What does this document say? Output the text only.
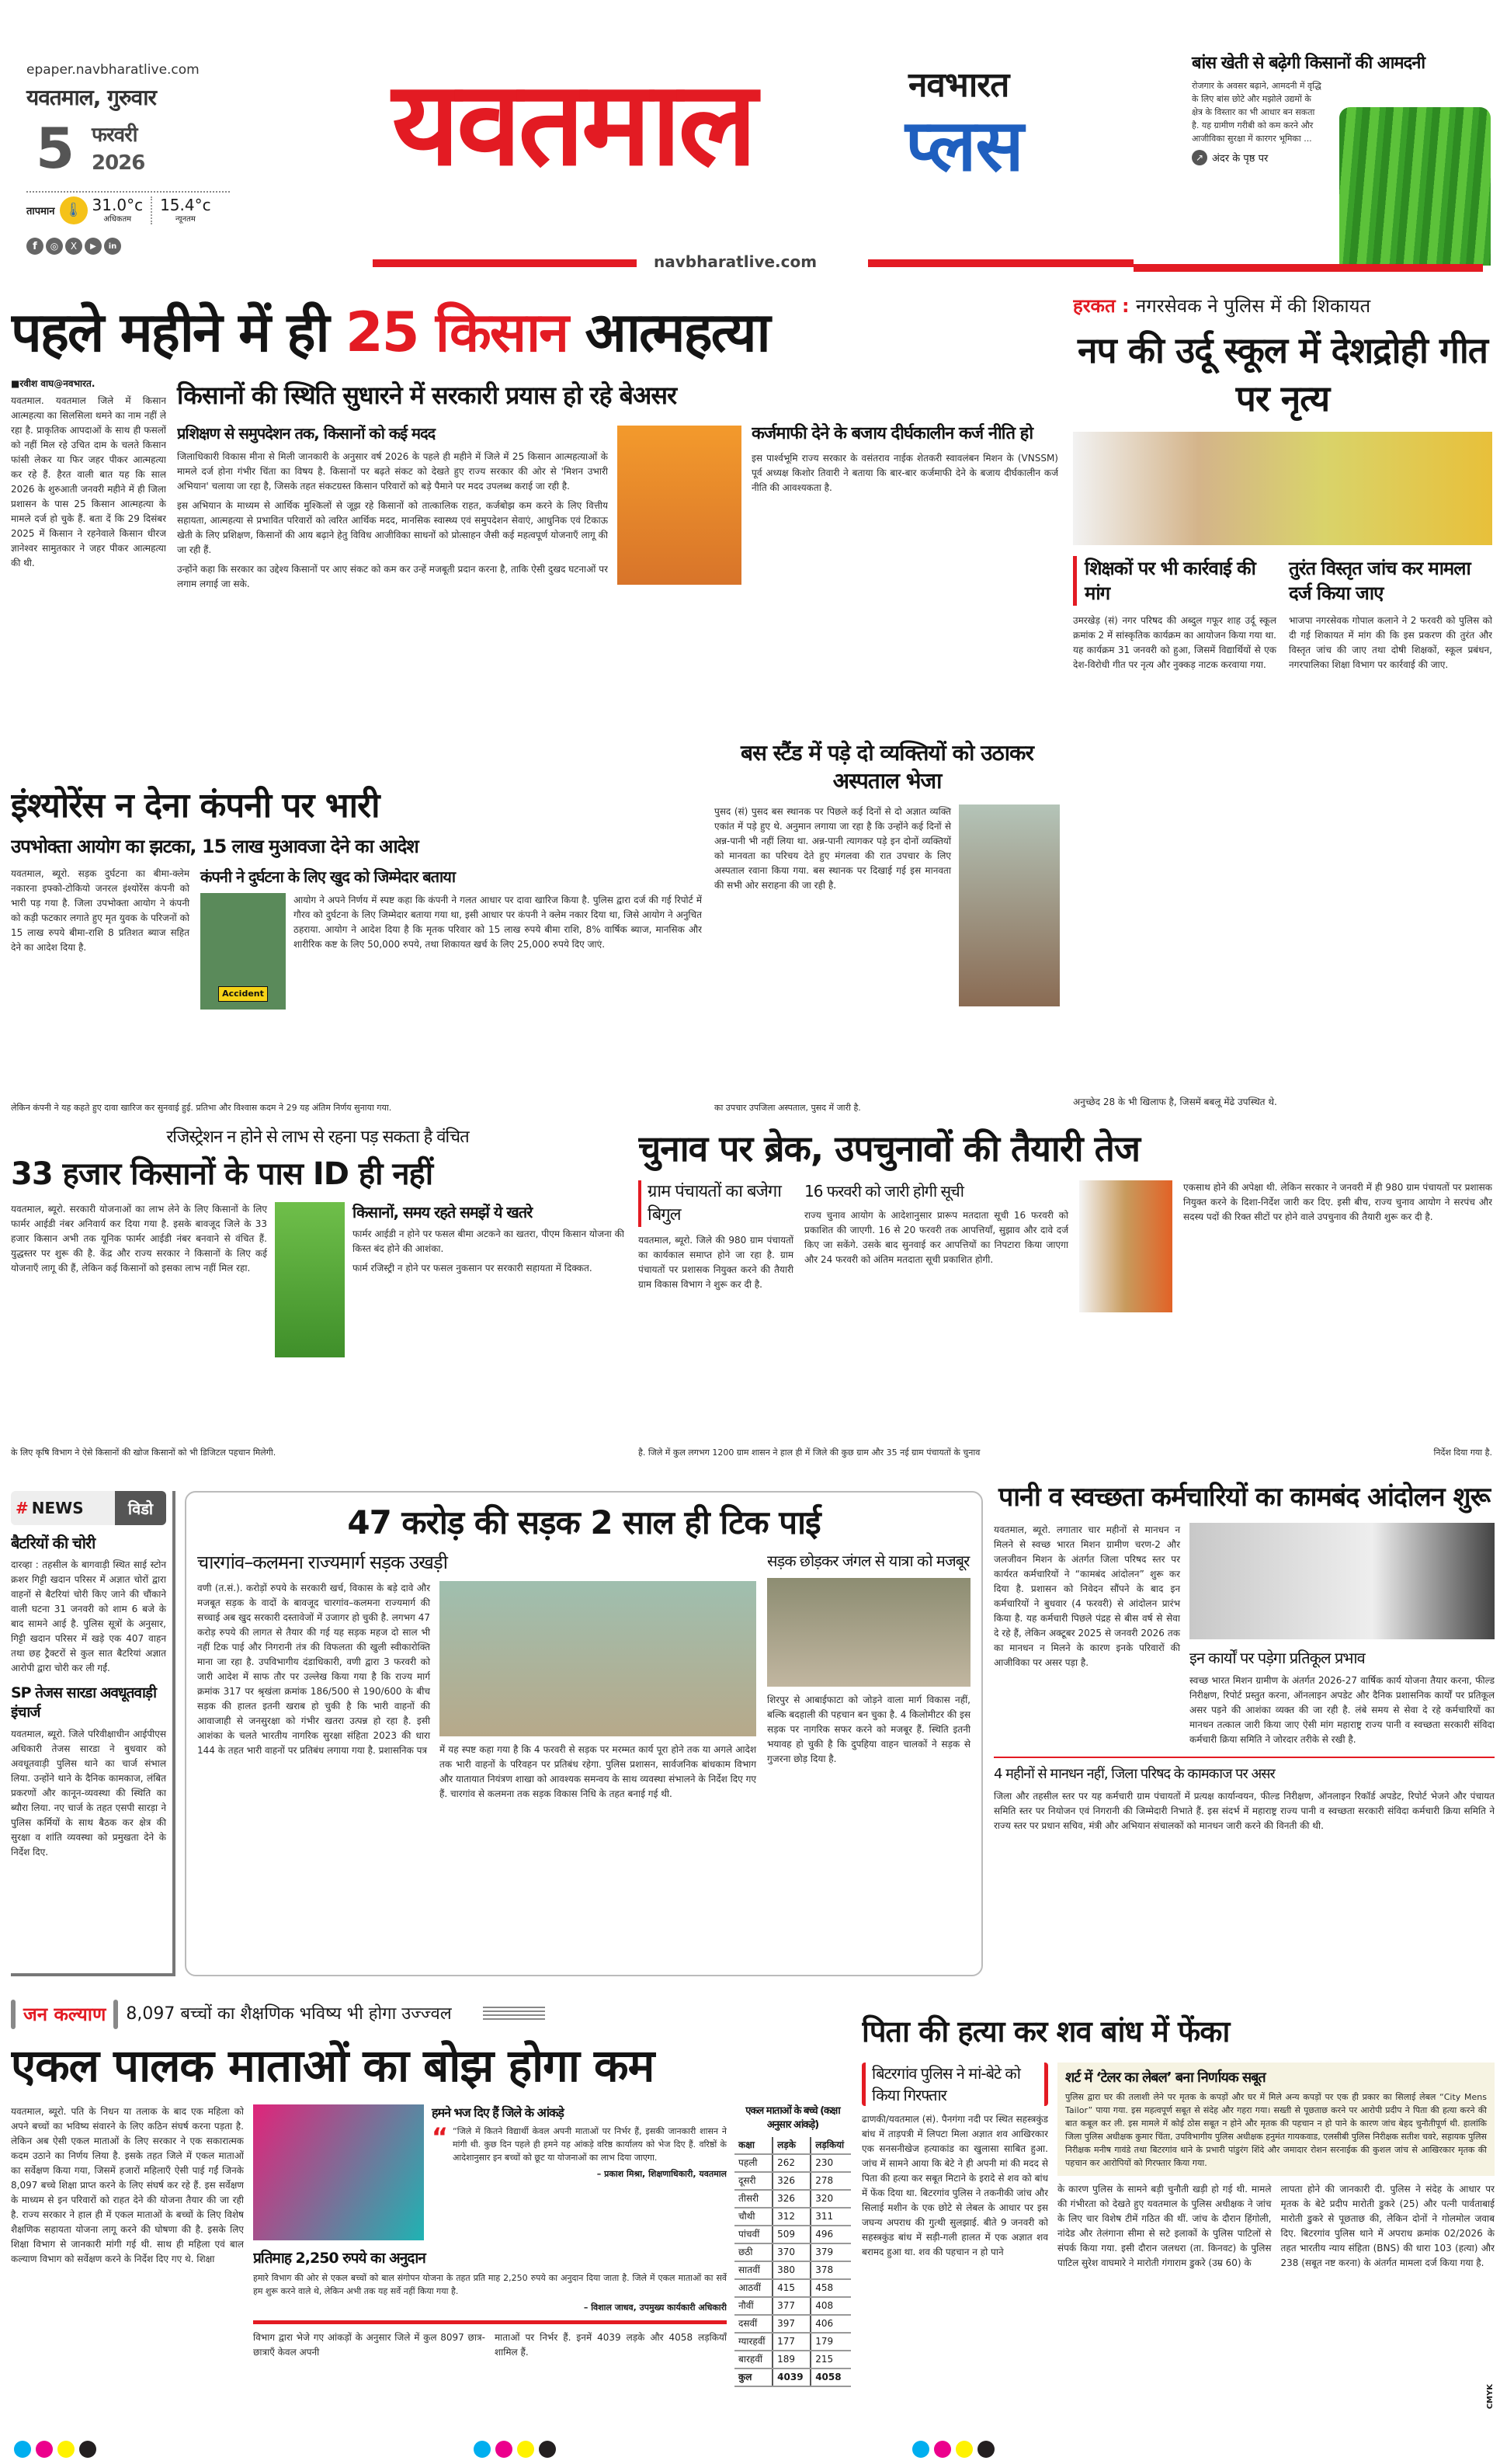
epaper.navbharatlive.com
यवतमाल, गुरुवार
5 फरवरी
2026
तापमान 🌡 31.0°c
अधिकतम
15.4°c
न्यूनतम
f	◎	X	▶	in
यवतमाल	नवभारत
प्लस
navbharatlive.com
बांस खेती से बढ़ेगी किसानों की आमदनी
रोजगार के अवसर बढ़ाने, आमदनी में वृद्धि के लिए बांस छोटे और मझोले उद्यमों के क्षेत्र के विस्तार का भी आधार बन सकता है. यह ग्रामीण गरीबी को कम करने और आजीविका सुरक्षा में कारगर भूमिका ...
↗ अंदर के पृष्ठ पर
पहले महीने में ही 25 किसान आत्महत्या
■रवीश वाघ@नवभारत.
यवतमाल. यवतमाल जिले में किसान आत्महत्या का सिलसिला थमने का नाम नहीं ले रहा है. प्राकृतिक आपदाओं के साथ ही फसलों को नहीं मिल रहे उचित दाम के चलते किसान फांसी लेकर या फिर जहर पीकर आत्महत्या कर रहे हैं. हैरत वाली बात यह कि साल 2026 के शुरुआती जनवरी महीने में ही जिला प्रशासन के पास 25 किसान आत्महत्या के मामले दर्ज हो चुके हैं. बता दें कि 29 दिसंबर 2025 में किसान ने रहनेवाले किसान धीरज ज्ञानेश्वर सामुतकार ने जहर पीकर आत्महत्या की थी.
किसानों की स्थिति सुधारने में सरकारी प्रयास हो रहे बेअसर
प्रशिक्षण से समुपदेशन तक, किसानों को कई मदद
जिलाधिकारी विकास मीना से मिली जानकारी के अनुसार वर्ष 2026 के पहले ही महीने में जिले में 25 किसान आत्महत्याओं के मामले दर्ज होना गंभीर चिंता का विषय है. किसानों पर बढ़ते संकट को देखते हुए राज्य सरकार की ओर से 'मिशन उभारी अभियान' चलाया जा रहा है, जिसके तहत संकटग्रस्त किसान परिवारों को बड़े पैमाने पर मदद उपलब्ध कराई जा रही है.
इस अभियान के माध्यम से आर्थिक मुश्किलों से जूझ रहे किसानों को तात्कालिक राहत, कर्जबोझ कम करने के लिए वित्तीय सहायता, आत्महत्या से प्रभावित परिवारों को त्वरित आर्थिक मदद, मानसिक स्वास्थ्य एवं समुपदेशन सेवाएं, आधुनिक एवं टिकाऊ खेती के लिए प्रशिक्षण, किसानों की आय बढ़ाने हेतु विविध आजीविका साधनों को प्रोत्साहन जैसी कई महत्वपूर्ण योजनाएँ लागू की जा रही हैं.
उन्होंने कहा कि सरकार का उद्देश्य किसानों पर आए संकट को कम कर उन्हें मजबूती प्रदान करना है, ताकि ऐसी दुखद घटनाओं पर लगाम लगाई जा सके.
कर्जमाफी देने के बजाय दीर्घकालीन कर्ज नीति हो
इस पार्श्वभूमि राज्य सरकार के वसंतराव नाईक शेतकरी स्वावलंबन मिशन के (VNSSM) पूर्व अध्यक्ष किशोर तिवारी ने बताया कि बार-बार कर्जमाफी देने के बजाय दीर्घकालीन कर्ज नीति की आवश्यकता है.
हरकत : नगरसेवक ने पुलिस में की शिकायत
नप की उर्दू स्कूल में देशद्रोही गीत पर नृत्य
शिक्षकों पर भी कार्रवाई की मांग
उमरखेड़ (सं) नगर परिषद की अब्दुल गफूर शाह उर्दू स्कूल क्रमांक 2 में सांस्कृतिक कार्यक्रम का आयोजन किया गया था. यह कार्यक्रम 31 जनवरी को हुआ, जिसमें विद्यार्थियों से एक देश-विरोधी गीत पर नृत्य और नुक्कड़ नाटक करवाया गया.
तुरंत विस्तृत जांच कर मामला दर्ज किया जाए
भाजपा नगरसेवक गोपाल कलाने ने 2 फरवरी को पुलिस को दी गई शिकायत में मांग की कि इस प्रकरण की तुरंत और विस्तृत जांच की जाए तथा दोषी शिक्षकों, स्कूल प्रबंधन, नगरपालिका शिक्षा विभाग पर कार्रवाई की जाए.
अनुच्छेद 28 के भी खिलाफ है, जिसमें बबलू मेंढे उपस्थित थे.
इंश्योरेंस न देना कंपनी पर भारी
उपभोक्ता आयोग का झटका, 15 लाख मुआवजा देने का आदेश
यवतमाल, ब्यूरो. सड़क दुर्घटना का बीमा-क्लेम नकारना इफ्को-टोकियो जनरल इंश्योरेंस कंपनी को भारी पड़ गया है. जिला उपभोक्ता आयोग ने कंपनी को कड़ी फटकार लगाते हुए मृत युवक के परिजनों को 15 लाख रुपये बीमा-राशि 8 प्रतिशत ब्याज सहित देने का आदेश दिया है.
कंपनी ने दुर्घटना के लिए खुद को जिम्मेदार बताया
Accident
आयोग ने अपने निर्णय में स्पष्ट कहा कि कंपनी ने गलत आधार पर दावा खारिज किया है. पुलिस द्वारा दर्ज की गई रिपोर्ट में गौरव को दुर्घटना के लिए जिम्मेदार बताया गया था, इसी आधार पर कंपनी ने क्लेम नकार दिया था, जिसे आयोग ने अनुचित ठहराया. आयोग ने आदेश दिया है कि मृतक परिवार को 15 लाख रुपये बीमा राशि, 8% वार्षिक ब्याज, मानसिक और शारीरिक कष्ट के लिए 50,000 रुपये, तथा शिकायत खर्च के लिए 25,000 रुपये दिए जाएं.
लेकिन कंपनी ने यह कहते हुए दावा खारिज कर सुनवाई हुई. प्रतिभा और विश्वास कदम ने 29 यह अंतिम निर्णय सुनाया गया.
बस स्टैंड में पड़े दो व्यक्तियों को उठाकर अस्पताल भेजा
पुसद (सं) पुसद बस स्थानक पर पिछले कई दिनों से दो अज्ञात व्यक्ति एकांत में पड़े हुए थे. अनुमान लगाया जा रहा है कि उन्होंने कई दिनों से अन्न-पानी भी नहीं लिया था. अन्न-पानी त्यागकर पड़े इन दोनों व्यक्तियों को मानवता का परिचय देते हुए मंगलवा की रात उपचार के लिए अस्पताल रवाना किया गया. बस स्थानक पर दिखाई गई इस मानवता की सभी ओर सराहना की जा रही है.
का उपचार उपजिला अस्पताल, पुसद में जारी है.
रजिस्ट्रेशन न होने से लाभ से रहना पड़ सकता है वंचित
33 हजार किसानों के पास ID ही नहीं
यवतमाल, ब्यूरो. सरकारी योजनाओं का लाभ लेने के लिए किसानों के लिए फार्मर आईडी नंबर अनिवार्य कर दिया गया है. इसके बावजूद जिले के 33 हजार किसान अभी तक यूनिक फार्मर आईडी नंबर बनवाने से वंचित हैं. युद्धस्तर पर शुरू की है. केंद्र और राज्य सरकार ने किसानों के लिए कई योजनाएँ लागू की हैं, लेकिन कई किसानों को इसका लाभ नहीं मिल रहा.
किसानों, समय रहते समझें ये खतरे
फार्मर आईडी न होने पर फसल बीमा अटकने का खतरा, पीएम किसान योजना की किस्त बंद होने की आशंका.
फार्म रजिस्ट्री न होने पर फसल नुकसान पर सरकारी सहायता में दिक्कत.
के लिए कृषि विभाग ने ऐसे किसानों की खोज किसानों को भी डिजिटल पहचान मिलेगी.
चुनाव पर ब्रेक, उपचुनावों की तैयारी तेज
ग्राम पंचायतों का बजेगा बिगुल
यवतमाल, ब्यूरो. जिले की 980 ग्राम पंचायतों का कार्यकाल समाप्त होने जा रहा है. ग्राम पंचायतों पर प्रशासक नियुक्त करने की तैयारी ग्राम विकास विभाग ने शुरू कर दी है.
16 फरवरी को जारी होगी सूची
राज्य चुनाव आयोग के आदेशानुसार प्रारूप मतदाता सूची 16 फरवरी को प्रकाशित की जाएगी. 16 से 20 फरवरी तक आपत्तियाँ, सुझाव और दावे दर्ज किए जा सकेंगे. उसके बाद सुनवाई कर आपत्तियों का निपटारा किया जाएगा और 24 फरवरी को अंतिम मतदाता सूची प्रकाशित होगी.
एकसाथ होने की अपेक्षा थी. लेकिन सरकार ने जनवरी में ही 980 ग्राम पंचायतों पर प्रशासक नियुक्त करने के दिशा-निर्देश जारी कर दिए. इसी बीच, राज्य चुनाव आयोग ने सरपंच और सदस्य पदों की रिक्त सीटों पर होने वाले उपचुनाव की तैयारी शुरू कर दी है.
है. जिले में कुल लगभग 1200 ग्राम शासन ने हाल ही में जिले की कुछ ग्राम और 35 नई ग्राम पंचायतों के चुनाव	निर्देश दिया गया है.
# NEWS	विडो
बैटरियों की चोरी
दारव्हा : तहसील के बागवाड़ी स्थित साई स्टोन क्रशर गिट्टी खदान परिसर में अज्ञात चोरों द्वारा वाहनों से बैटरियां चोरी किए जाने की चौंकाने वाली घटना 31 जनवरी को शाम 6 बजे के बाद सामने आई है. पुलिस सूत्रों के अनुसार, गिट्टी खदान परिसर में खड़े एक 407 वाहन तथा छह ट्रैक्टरों से कुल सात बैटरियां अज्ञात आरोपी द्वारा चोरी कर ली गईं.
SP तेजस सारडा अवधूतवाड़ी इंचार्ज
यवतमाल, ब्यूरो. जिले परिवीक्षाधीन आईपीएस अधिकारी तेजस सारडा ने बुधवार को अवधूतवाड़ी पुलिस थाने का चार्ज संभाल लिया. उन्होंने थाने के दैनिक कामकाज, लंबित प्रकरणों और कानून-व्यवस्था की स्थिति का ब्यौरा लिया. नए चार्ज के तहत एसपी सारड़ा ने पुलिस कर्मियों के साथ बैठक कर क्षेत्र की सुरक्षा व शांति व्यवस्था को प्रमुखता देने के निर्देश दिए.
47 करोड़ की सड़क 2 साल ही टिक पाई
चारगांव–कलमना राज्यमार्ग सड़क उखड़ी
वणी (त.सं.). करोड़ों रुपये के सरकारी खर्च, विकास के बड़े दावे और मजबूत सड़क के वादों के बावजूद चारगांव–कलमना राज्यमार्ग की सच्चाई अब खुद सरकारी दस्तावेजों में उजागर हो चुकी है. लगभग 47 करोड़ रुपये की लागत से तैयार की गई यह सड़क महज दो साल भी नहीं टिक पाई और निगरानी तंत्र की विफलता की खुली स्वीकारोक्ति माना जा रहा है. उपविभागीय दंडाधिकारी, वणी द्वारा 3 फरवरी को जारी आदेश में साफ तौर पर उल्लेख किया गया है कि राज्य मार्ग क्रमांक 317 पर श्रृखंला क्रमांक 186/500 से 190/600 के बीच सड़क की हालत इतनी खराब हो चुकी है कि भारी वाहनों की आवाजाही से जनसुरक्षा को गंभीर खतरा उत्पन्न हो रहा है. इसी आशंका के चलते भारतीय नागरिक सुरक्षा संहिता 2023 की धारा 144 के तहत भारी वाहनों पर प्रतिबंध लगाया गया है. प्रशासनिक पत्र	में यह स्पष्ट कहा गया है कि 4 फरवरी से सड़क पर मरम्मत कार्य पूरा होने तक या अगले आदेश तक भारी वाहनों के परिवहन पर प्रतिबंध रहेगा. पुलिस प्रशासन, सार्वजनिक बांधकाम विभाग और यातायात नियंत्रण शाखा को आवश्यक समन्वय के साथ व्यवस्था संभालने के निर्देश दिए गए हैं. चारगांव से कलमना तक सड़क विकास निधि के तहत बनाई गई थी.
सड़क छोड़कर जंगल से यात्रा को मजबूर
शिरपुर से आबाईफाटा को जोड़ने वाला मार्ग विकास नहीं, बल्कि बदहाली की पहचान बन चुका है. 4 किलोमीटर की इस सड़क पर नागरिक सफर करने को मजबूर हैं. स्थिति इतनी भयावह हो चुकी है कि दुपहिया वाहन चालकों ने सड़क से गुजरना छोड़ दिया है.
पानी व स्वच्छता कर्मचारियों का कामबंद आंदोलन शुरू
यवतमाल, ब्यूरो. लगातार चार महीनों से मानधन न मिलने से स्वच्छ भारत मिशन ग्रामीण चरण-2 और जलजीवन मिशन के अंतर्गत जिला परिषद स्तर पर कार्यरत कर्मचारियों ने “कामबंद आंदोलन” शुरू कर दिया है. प्रशासन को निवेदन सौंपने के बाद इन कर्मचारियों ने बुधवार (4 फरवरी) से आंदोलन प्रारंभ किया है. यह कर्मचारी पिछले पंद्रह से बीस वर्ष से सेवा दे रहे हैं, लेकिन अक्टूबर 2025 से जनवरी 2026 तक का मानधन न मिलने के कारण इनके परिवारों की आजीविका पर असर पड़ा है.	इन कार्यों पर पड़ेगा प्रतिकूल प्रभाव
स्वच्छ भारत मिशन ग्रामीण के अंतर्गत 2026-27 वार्षिक कार्य योजना तैयार करना, फील्ड निरीक्षण, रिपोर्ट प्रस्तुत करना, ऑनलाइन अपडेट और दैनिक प्रशासनिक कार्यों पर प्रतिकूल असर पड़ने की आशंका व्यक्त की जा रही है. लंबे समय से सेवा दे रहे कर्मचारियों का मानधन तत्काल जारी किया जाए ऐसी मांग महाराष्ट्र राज्य पानी व स्वच्छता सरकारी संविदा कर्मचारी क्रिया समिति ने जोरदार तरीके से रखी है.
4 महीनों से मानधन नहीं, जिला परिषद के कामकाज पर असर
जिला और तहसील स्तर पर यह कर्मचारी ग्राम पंचायतों में प्रत्यक्ष कार्यान्वयन, फील्ड निरीक्षण, ऑनलाइन रिकॉर्ड अपडेट, रिपोर्ट भेजने और पंचायत समिति स्तर पर नियोजन एवं निगरानी की जिम्मेदारी निभाते हैं. इस संदर्भ में महाराष्ट्र राज्य पानी व स्वच्छता सरकारी संविदा कर्मचारी क्रिया समिति ने राज्य स्तर पर प्रधान सचिव, मंत्री और अभियान संचालकों को मानधन जारी करने की विनती की थी.
जन कल्याण 8,097 बच्चों का शैक्षणिक भविष्य भी होगा उज्ज्वल
एकल पालक माताओं का बोझ होगा कम
यवतमाल, ब्यूरो. पति के निधन या तलाक के बाद एक महिला को अपने बच्चों का भविष्य संवारने के लिए कठिन संघर्ष करना पड़ता है. लेकिन अब ऐसी एकल माताओं के लिए सरकार ने एक सकारात्मक कदम उठाने का निर्णय लिया है. इसके तहत जिले में एकल माताओं का सर्वेक्षण किया गया, जिसमें हजारों महिलाएँ ऐसी पाई गईं जिनके 8,097 बच्चे शिक्षा प्राप्त करने के लिए संघर्ष कर रहे हैं. इस सर्वेक्षण के माध्यम से इन परिवारों को राहत देने की योजना तैयार की जा रही है. राज्य सरकार ने हाल ही में एकल माताओं के बच्चों के लिए विशेष शैक्षणिक सहायता योजना लागू करने की घोषणा की है. इसके लिए शिक्षा विभाग से जानकारी मांगी गई थी. साथ ही महिला एवं बाल कल्याण विभाग को सर्वेक्षण करने के निर्देश दिए गए थे. शिक्षा
हमने भज दिए हैं जिले के आंकड़े
“ “जिले में कितने विद्यार्थी केवल अपनी माताओं पर निर्भर हैं, इसकी जानकारी शासन ने मांगी थी. कुछ दिन पहले ही हमने यह आंकड़े वरिष्ठ कार्यालय को भेज दिए हैं. वरिष्ठों के आदेशानुसार इन बच्चों को छूट या योजनाओं का लाभ दिया जाएगा.
– प्रकाश मिश्रा, शिक्षणाधिकारी, यवतमाल
प्रतिमाह 2,250 रुपये का अनुदान
हमारे विभाग की ओर से एकल बच्चों को बाल संगोपन योजना के तहत प्रति माह 2,250 रुपये का अनुदान दिया जाता है. जिले में एकल माताओं का सर्वे हम शुरू करने वाले थे, लेकिन अभी तक यह सर्वे नहीं किया गया है.
– विशाल जाधव, उपमुख्य कार्यकारी अधिकारी
विभाग द्वारा भेजे गए आंकड़ों के अनुसार जिले में कुल 8097 छात्र-छात्राएँ केवल अपनी
माताओं पर निर्भर हैं. इनमें 4039 लड़के और 4058 लड़कियाँ शामिल हैं.
एकल माताओं के बच्चे (कक्षा अनुसार आंकड़े)
कक्षा	लड़के	लड़कियां
पहली	262	230
दूसरी	326	278
तीसरी	326	320
चौथी	312	311
पांचवीं	509	496
छठी	370	379
सातवीं	380	378
आठवीं	415	458
नौवीं	377	408
दसवीं	397	406
ग्यारहवीं	177	179
बारहवीं	189	215
कुल	4039	4058
पिता की हत्या कर शव बांध में फेंका
बिटरगांव पुलिस ने मां-बेटे को किया गिरफ्तार
ढाणकी/यवतमाल (सं). पैनगंगा नदी पर स्थित सहस्त्रकुंड बांध में ताड़पत्री में लिपटा मिला अज्ञात शव आखिरकार एक सनसनीखेज हत्याकांड का खुलासा साबित हुआ. जांच में सामने आया कि बेटे ने ही अपनी मां की मदद से पिता की हत्या कर सबूत मिटाने के इरादे से शव को बांध में फेंक दिया था. बिटरगांव पुलिस ने तकनीकी जांच और सिलाई मशीन के एक छोटे से लेबल के आधार पर इस जघन्य अपराध की गुत्थी सुलझाई. बीते 9 जनवरी को सहस्त्रकुंड बांध में सड़ी-गली हालत में एक अज्ञात शव बरामद हुआ था. शव की पहचान न हो पाने
शर्ट में ‘टेलर का लेबल’ बना निर्णायक सबूत
पुलिस द्वारा घर की तलाशी लेने पर मृतक के कपड़ों और घर में मिले अन्य कपड़ों पर एक ही प्रकार का सिलाई लेबल “City Mens Tailor” पाया गया. इस महत्वपूर्ण सबूत से संदेह और गहरा गया। सख्ती से पूछताछ करने पर आरोपी प्रदीप ने पिता की हत्या करने की बात कबूल कर ली. इस मामले में कोई ठोस सबूत न होने और मृतक की पहचान न हो पाने के कारण जांच बेहद चुनौतीपूर्ण थी. हालांकि जिला पुलिस अधीक्षक कुमार चिंता, उपविभागीय पुलिस अधीक्षक हनुमंत गायकवाड, एलसीबी पुलिस निरीक्षक सतीश चवरे, सहायक पुलिस निरीक्षक मनीष गावंडे तथा बिटरगांव थाने के प्रभारी पांडुरंग शिंदे और जमादार रोशन सरनाईक की कुशल जांच से आखिरकार मृतक की पहचान कर आरोपियों को गिरफ्तार किया गया.
के कारण पुलिस के सामने बड़ी चुनौती खड़ी हो गई थी. मामले की गंभीरता को देखते हुए यवतमाल के पुलिस अधीक्षक ने जांच के लिए चार विशेष टीमें गठित की थीं. जांच के दौरान हिंगोली, नांदेड और तेलंगाना सीमा से सटे इलाकों के पुलिस पाटिलों से संपर्क किया गया. इसी दौरान जलधरा (ता. किनवट) के पुलिस पाटिल सुरेश वाघमारे ने मारोती गंगाराम डुकरे (उम्र 60) के
लापता होने की जानकारी दी. पुलिस ने संदेह के आधार पर मृतक के बेटे प्रदीप मारोती डुकरे (25) और पत्नी पार्वताबाई मारोती डुकरे से पूछताछ की, लेकिन दोनों ने गोलमोल जवाब दिए. बिटरगांव पुलिस थाने में अपराध क्रमांक 02/2026 के तहत भारतीय न्याय संहिता (BNS) की धारा 103 (हत्या) और 238 (सबूत नष्ट करना) के अंतर्गत मामला दर्ज किया गया है.
CMYK
